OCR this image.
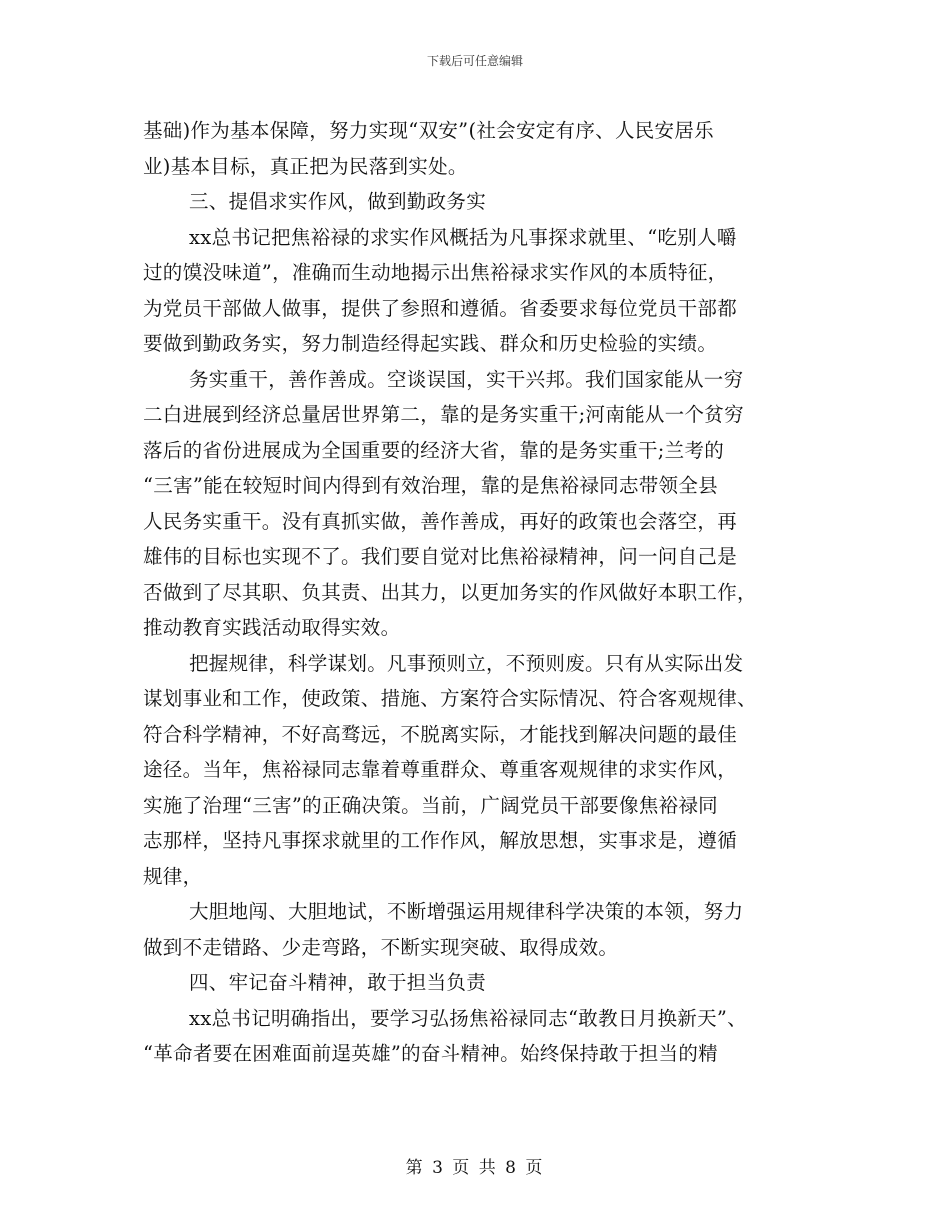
下载后可任意编辑
基础)作为基本保障，努力实现“双安”(社会安定有序、人民安居乐
业)基本目标，真正把为民落到实处。
三、提倡求实作风，做到勤政务实
xx总书记把焦裕禄的求实作风概括为凡事探求就里、“吃别人嚼
过的馍没味道”，准确而生动地揭示出焦裕禄求实作风的本质特征，
为党员干部做人做事，提供了参照和遵循。省委要求每位党员干部都
要做到勤政务实，努力制造经得起实践、群众和历史检验的实绩。
务实重干，善作善成。空谈误国，实干兴邦。我们国家能从一穷
二白进展到经济总量居世界第二，靠的是务实重干;河南能从一个贫穷
落后的省份进展成为全国重要的经济大省，靠的是务实重干;兰考的
“三害”能在较短时间内得到有效治理，靠的是焦裕禄同志带领全县
人民务实重干。没有真抓实做，善作善成，再好的政策也会落空，再
雄伟的目标也实现不了。我们要自觉对比焦裕禄精神，问一问自己是
否做到了尽其职、负其责、出其力，以更加务实的作风做好本职工作，
推动教育实践活动取得实效。
把握规律，科学谋划。凡事预则立，不预则废。只有从实际出发
谋划事业和工作，使政策、措施、方案符合实际情况、符合客观规律、
符合科学精神，不好高骛远，不脱离实际，才能找到解决问题的最佳
途径。当年，焦裕禄同志靠着尊重群众、尊重客观规律的求实作风，
实施了治理“三害”的正确决策。当前，广阔党员干部要像焦裕禄同
志那样，坚持凡事探求就里的工作作风，解放思想，实事求是，遵循
规律，
大胆地闯、大胆地试，不断增强运用规律科学决策的本领，努力
做到不走错路、少走弯路，不断实现突破、取得成效。
四、牢记奋斗精神，敢于担当负责
xx总书记明确指出，要学习弘扬焦裕禄同志“敢教日月换新天”、
“革命者要在困难面前逞英雄”的奋斗精神。始终保持敢于担当的精
第 3 页 共 8 页
